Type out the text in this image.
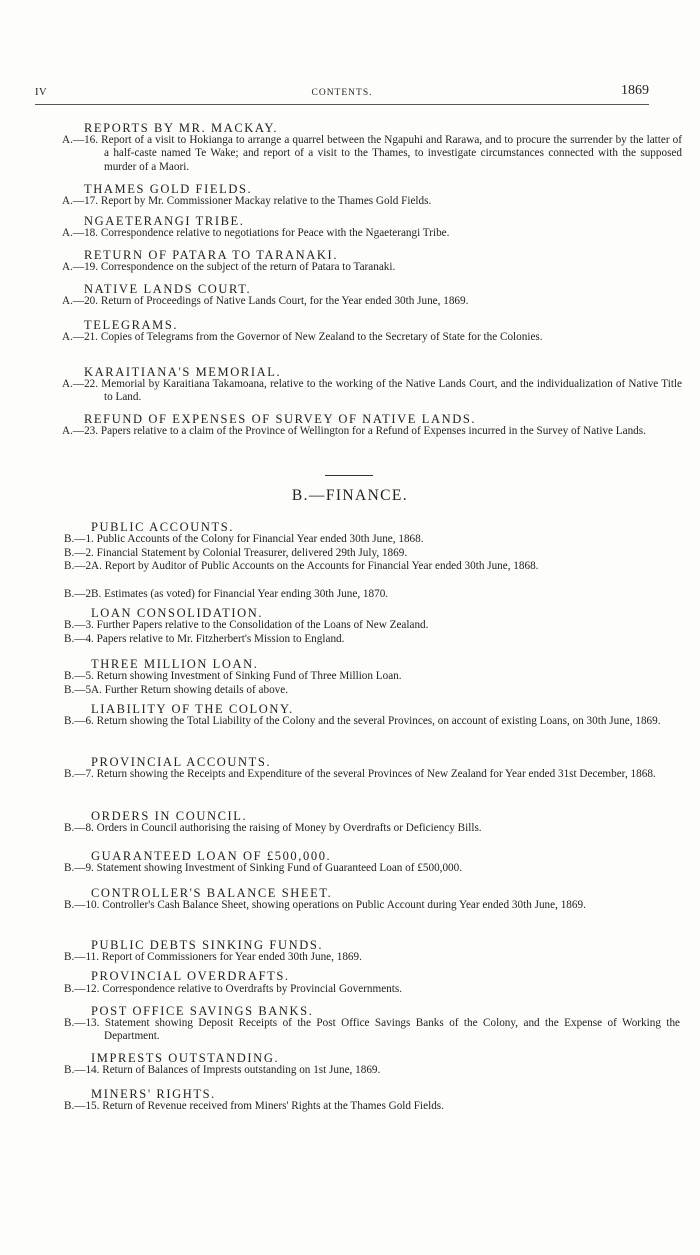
IV	CONTENTS.	1869
REPORTS BY MR. MACKAY.
A.—16. Report of a visit to Hokianga to arrange a quarrel between the Ngapuhi and Rarawa, and to procure the surrender by the latter of a half-caste named Te Wake; and report of a visit to the Thames, to investigate circumstances connected with the supposed murder of a Maori.
THAMES GOLD FIELDS.
A.—17. Report by Mr. Commissioner Mackay relative to the Thames Gold Fields.
NGAETERANGI TRIBE.
A.—18. Correspondence relative to negotiations for Peace with the Ngaeterangi Tribe.
RETURN OF PATARA TO TARANAKI.
A.—19. Correspondence on the subject of the return of Patara to Taranaki.
NATIVE LANDS COURT.
A.—20. Return of Proceedings of Native Lands Court, for the Year ended 30th June, 1869.
TELEGRAMS.
A.—21. Copies of Telegrams from the Governor of New Zealand to the Secretary of State for the Colonies.
KARAITIANA'S MEMORIAL.
A.—22. Memorial by Karaitiana Takamoana, relative to the working of the Native Lands Court, and the individualization of Native Title to Land.
REFUND OF EXPENSES OF SURVEY OF NATIVE LANDS.
A.—23. Papers relative to a claim of the Province of Wellington for a Refund of Expenses incurred in the Survey of Native Lands.
B.—FINANCE.
PUBLIC ACCOUNTS.
B.—1. Public Accounts of the Colony for Financial Year ended 30th June, 1868.
B.—2. Financial Statement by Colonial Treasurer, delivered 29th July, 1869.
B.—2A. Report by Auditor of Public Accounts on the Accounts for Financial Year ended 30th June, 1868.
B.—2B. Estimates (as voted) for Financial Year ending 30th June, 1870.
LOAN CONSOLIDATION.
B.—3. Further Papers relative to the Consolidation of the Loans of New Zealand.
B.—4. Papers relative to Mr. Fitzherbert's Mission to England.
THREE MILLION LOAN.
B.—5. Return showing Investment of Sinking Fund of Three Million Loan.
B.—5A. Further Return showing details of above.
LIABILITY OF THE COLONY.
B.—6. Return showing the Total Liability of the Colony and the several Provinces, on account of existing Loans, on 30th June, 1869.
PROVINCIAL ACCOUNTS.
B.—7. Return showing the Receipts and Expenditure of the several Provinces of New Zealand for Year ended 31st December, 1868.
ORDERS IN COUNCIL.
B.—8. Orders in Council authorising the raising of Money by Overdrafts or Deficiency Bills.
GUARANTEED LOAN OF £500,000.
B.—9. Statement showing Investment of Sinking Fund of Guaranteed Loan of £500,000.
CONTROLLER'S BALANCE SHEET.
B.—10. Controller's Cash Balance Sheet, showing operations on Public Account during Year ended 30th June, 1869.
PUBLIC DEBTS SINKING FUNDS.
B.—11. Report of Commissioners for Year ended 30th June, 1869.
PROVINCIAL OVERDRAFTS.
B.—12. Correspondence relative to Overdrafts by Provincial Governments.
POST OFFICE SAVINGS BANKS.
B.—13. Statement showing Deposit Receipts of the Post Office Savings Banks of the Colony, and the Expense of Working the Department.
IMPRESTS OUTSTANDING.
B.—14. Return of Balances of Imprests outstanding on 1st June, 1869.
MINERS' RIGHTS.
B.—15. Return of Revenue received from Miners' Rights at the Thames Gold Fields.
